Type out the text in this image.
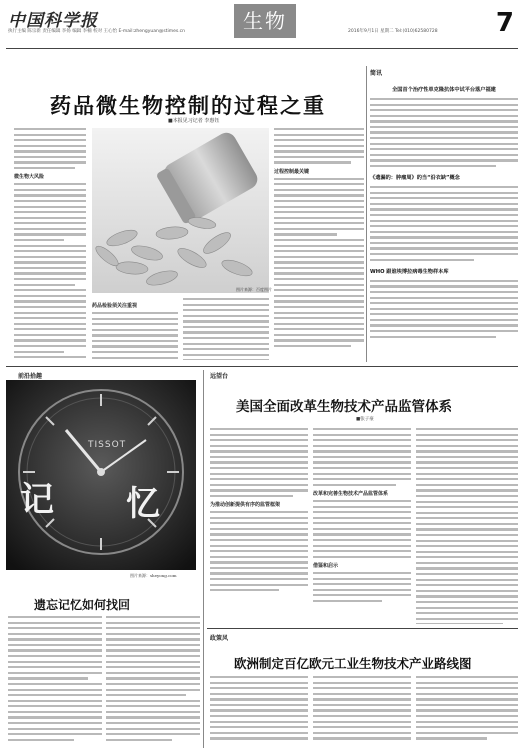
中国科学报
执行主编 陈宗新 责任编辑 李扬 编辑 李楠 校对 王心怡 E-mail:zhengyuan@stimes.cn	生物	2016年9月1日 星期二 Tel:(010)62580728 7
药品微生物控制的过程之重
■本报见习记者 李惠钰
微生物大风险
图片来源：百度图片
过程控制最关键
药品检验须关注重视
简讯
全国首个治疗性单克隆抗体中试平台落户福建
《遗漏的：肿瘤周》的当“沿衣缺”概念
WHO 跟谁埃博拉病毒生物样本库
前沿拾趣
TISSOT
记 忆
图片来源：sheyong.com
遗忘记忆如何找回
远望台
美国全面改革生物技术产品监管体系
■张子豪
为推动创新提供有序的监管框架
改革和完善生物技术产品监管体系
借鉴和启示
政策风
欧洲制定百亿欧元工业生物技术产业路线图
